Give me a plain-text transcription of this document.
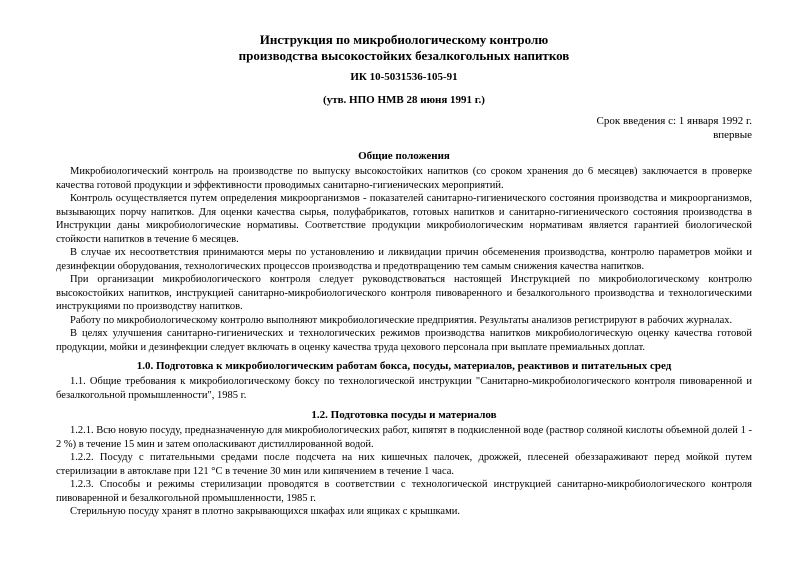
Инструкция по микробиологическому контролю
производства высокостойких безалкогольных напитков
ИК 10-5031536-105-91
(утв. НПО НМВ 28 июня 1991 г.)
Срок введения с: 1 января 1992 г.
впервые
Общие положения

Микробиологический контроль на производстве по выпуску высокостойких напитков (со сроком хранения до 6 месяцев) заключается в проверке качества готовой продукции и эффективности проводимых санитарно-гигиенических мероприятий.

Контроль осуществляется путем определения микроорганизмов - показателей санитарно-гигиенического состояния производства и микроорганизмов, вызывающих порчу напитков. Для оценки качества сырья, полуфабрикатов, готовых напитков и санитарно-гигиенического состояния производства в Инструкции даны микробиологические нормативы. Соответствие продукции микробиологическим нормативам является гарантией биологической стойкости напитков в течение 6 месяцев.

В случае их несоответствия принимаются меры по установлению и ликвидации причин обсеменения производства, контролю параметров мойки и дезинфекции оборудования, технологических процессов производства и предотвращению тем самым снижения качества напитков.

При организации микробиологического контроля следует руководствоваться настоящей Инструкцией по микробиологическому контролю высокостойких напитков, инструкцией санитарно-микробиологического контроля пивоваренного и безалкогольного производства и технологическими инструкциями по производству напитков.

Работу по микробиологическому контролю выполняют микробиологические предприятия. Результаты анализов регистрируют в рабочих журналах.

В целях улучшения санитарно-гигиенических и технологических режимов производства напитков микробиологическую оценку качества готовой продукции, мойки и дезинфекции следует включать в оценку качества труда цехового персонала при выплате премиальных доплат.

1.0. Подготовка к микробиологическим работам бокса, посуды, материалов, реактивов и питательных сред

1.1. Общие требования к микробиологическому боксу по технологической инструкции "Санитарно-микробиологического контроля пивоваренной и безалкогольной промышленности", 1985 г.

1.2. Подготовка посуды и материалов

1.2.1. Всю новую посуду, предназначенную для микробиологических работ, кипятят в подкисленной воде (раствор соляной кислоты объемной долей 1 - 2 %) в течение 15 мин и затем ополаскивают дистиллированной водой.

1.2.2. Посуду с питательными средами после подсчета на них кишечных палочек, дрожжей, плесеней обеззараживают перед мойкой путем стерилизации в автоклаве при 121 °С в течение 30 мин или кипячением в течение 1 часа.

1.2.3. Способы и режимы стерилизации проводятся в соответствии с технологической инструкцией санитарно-микробиологического контроля пивоваренной и безалкогольной промышленности, 1985 г.

Стерильную посуду хранят в плотно закрывающихся шкафах или ящиках с крышками.
